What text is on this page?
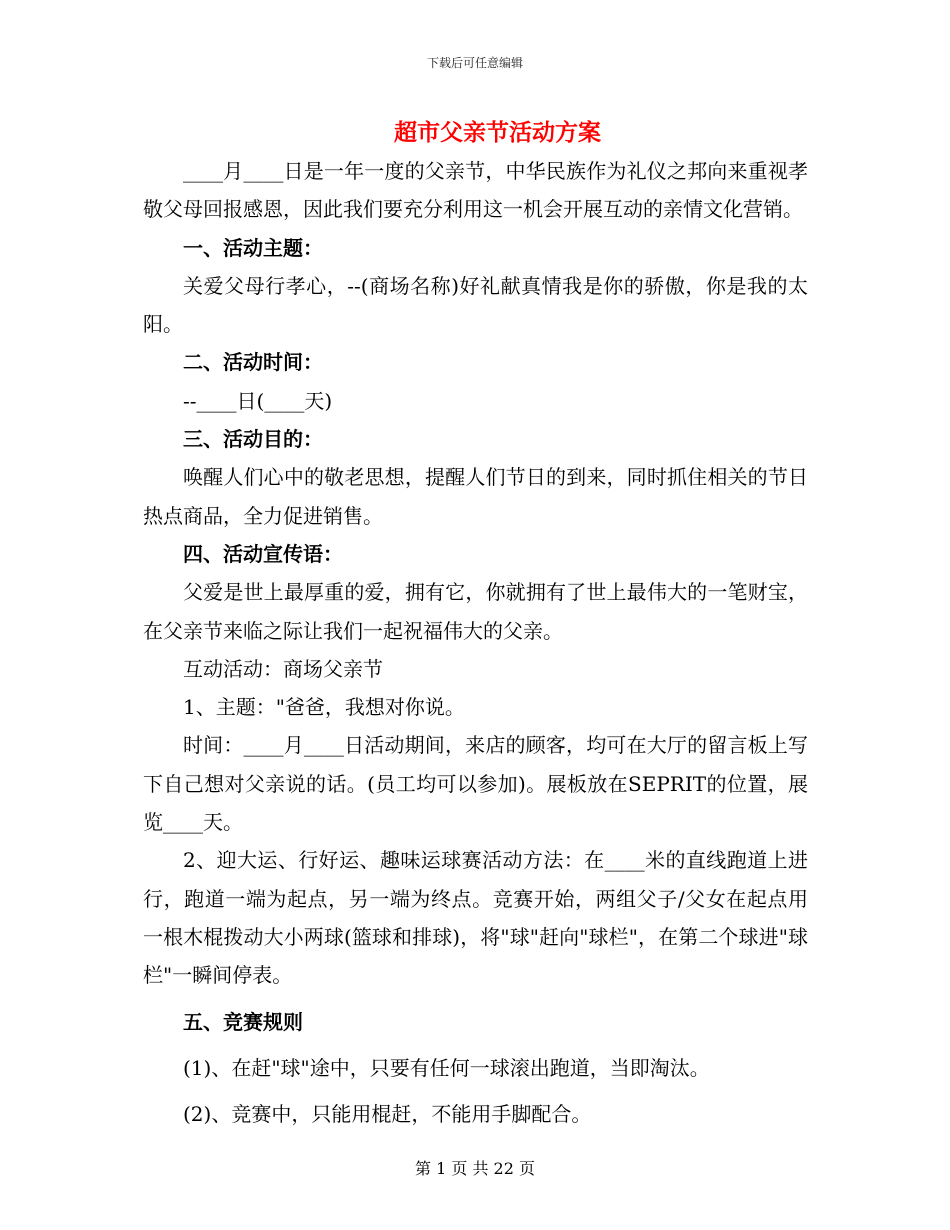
下载后可任意编辑
超市父亲节活动方案

____月____日是一年一度的父亲节，中华民族作为礼仪之邦向来重视孝敬父母回报感恩，因此我们要充分利用这一机会开展互动的亲情文化营销。

一、活动主题：

关爱父母行孝心，--(商场名称)好礼献真情我是你的骄傲，你是我的太阳。

二、活动时间：

--____日(____天)

三、活动目的：

唤醒人们心中的敬老思想，提醒人们节日的到来，同时抓住相关的节日热点商品，全力促进销售。

四、活动宣传语：

父爱是世上最厚重的爱，拥有它，你就拥有了世上最伟大的一笔财宝，在父亲节来临之际让我们一起祝福伟大的父亲。

互动活动：商场父亲节

1、主题："爸爸，我想对你说。

时间：____月____日活动期间，来店的顾客，均可在大厅的留言板上写下自己想对父亲说的话。(员工均可以参加)。展板放在SEPRIT的位置，展览____天。

2、迎大运、行好运、趣味运球赛活动方法：在____米的直线跑道上进行，跑道一端为起点，另一端为终点。竞赛开始，两组父子/父女在起点用一根木棍拨动大小两球(篮球和排球)，将"球"赶向"球栏"，在第二个球进"球栏"一瞬间停表。

五、竞赛规则

(1)、在赶"球"途中，只要有任何一球滚出跑道，当即淘汰。

(2)、竞赛中，只能用棍赶，不能用手脚配合。

第 1 页 共 22 页
